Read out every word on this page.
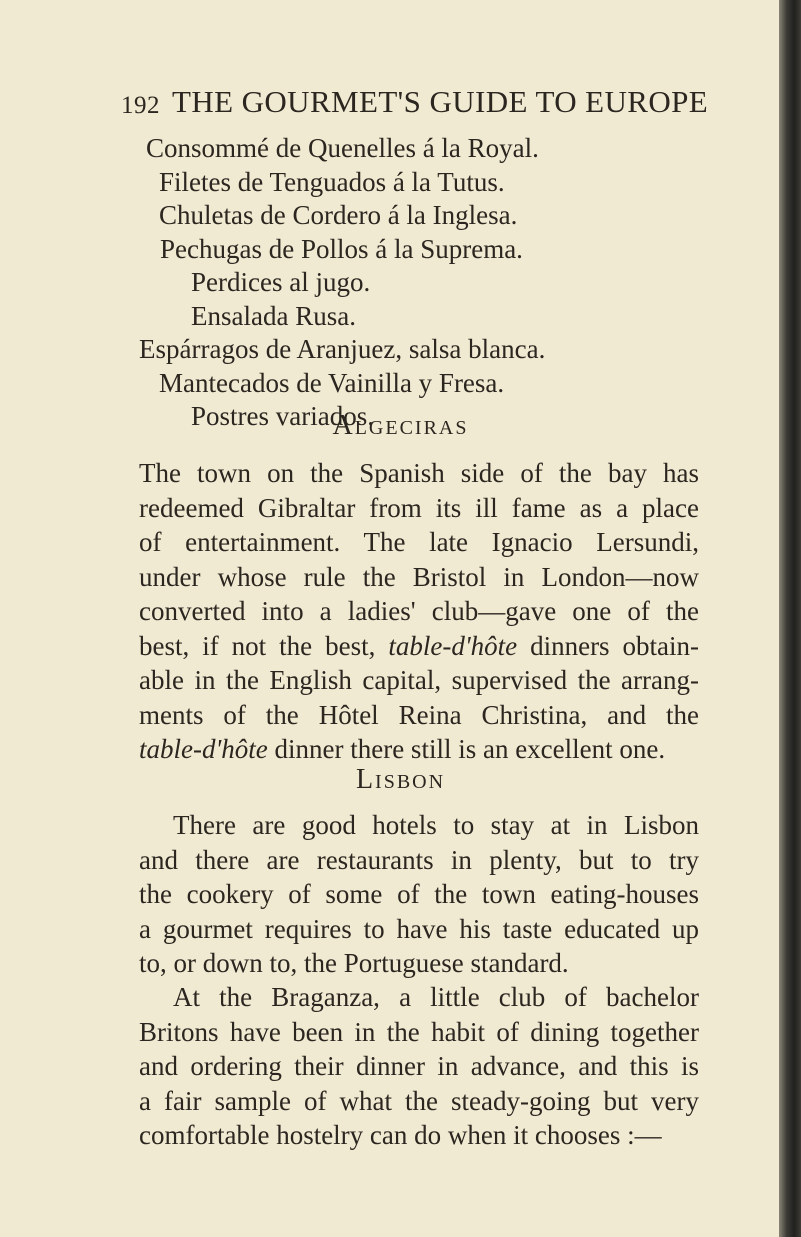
192 THE GOURMET'S GUIDE TO EUROPE
Consommé de Quenelles á la Royal.
Filetes de Tenguados á la Tutus.
Chuletas de Cordero á la Inglesa.
Pechugas de Pollos á la Suprema.
Perdices al jugo.
Ensalada Rusa.
Espárragos de Aranjuez, salsa blanca.
Mantecados de Vainilla y Fresa.
Postres variados.
Algeciras
The town on the Spanish side of the bay has
redeemed Gibraltar from its ill fame as a place
of entertainment. The late Ignacio Lersundi,
under whose rule the Bristol in London—now
converted into a ladies' club—gave one of the
best, if not the best, table-d'hôte dinners obtain-
able in the English capital, supervised the arrang-
ments of the Hôtel Reina Christina, and the
table-d'hôte dinner there still is an excellent one.
Lisbon
There are good hotels to stay at in Lisbon
and there are restaurants in plenty, but to try
the cookery of some of the town eating-houses
a gourmet requires to have his taste educated up
to, or down to, the Portuguese standard.
At the Braganza, a little club of bachelor
Britons have been in the habit of dining together
and ordering their dinner in advance, and this is
a fair sample of what the steady-going but very
comfortable hostelry can do when it chooses :—
